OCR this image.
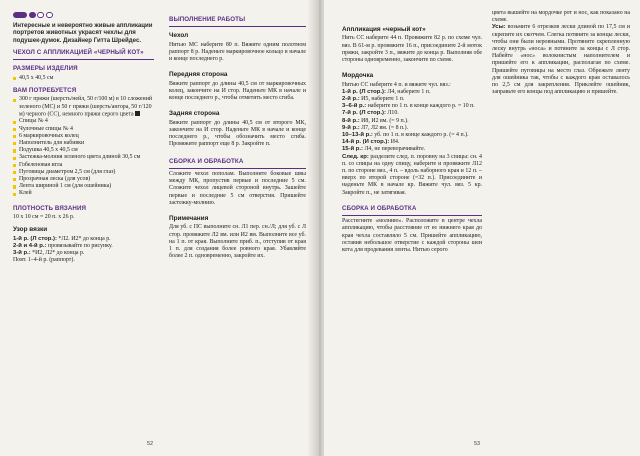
Интересные и невероятно живые аппликации портретов животных украсят чехлы для подушек-думок. Дизайнер Гитта Шрейдес.

ЧЕХОЛ С АППЛИКАЦИЕЙ «ЧЕРНЫЙ КОТ»
РАЗМЕРЫ ИЗДЕЛИЯ
40,5 х 40,5 см
ВАМ ПОТРЕБУЕТСЯ
300 г пряжи (шерсть/нейл, 50 г/100 м) в 10 сложений зеленого (МС) и 50 г пряжи (шерсть/ангора, 50 г/120 м) черного (СС), немного пряжи серого цвета
Спицы № 4
Чулочные спицы № 4
6 маркировочных колец
Наполнитель для набивки
Подушка 40,5 х 40,5 см
Застежка-молния зеленого цвета длиной 30,5 см
Гобеленовая игла
Пуговицы диаметром 2,5 см (для глаз)
Прозрачная леска (для усов)
Лента шириной 1 см (для ошейника)
Клей
ПЛОТНОСТЬ ВЯЗАНИЯ

10 х 10 см = 20 п. х 26 р.

Узор вязки

1-й р. (Л стор.): *Л2. И2* до конца р.

2-й и 4-й р.: провязывайте по рисунку.

3-й р.: *И2, Л2* до конца р.

Повт. 1–4-й р. (раппорт).

ВЫПОЛНЕНИЕ РАБОТЫ
Чехол

Нитью МС наберите 80 п. Вяжите одним полотном раппорт 8 р. Наденьте маркировочное кольцо в начале и конце последнего р.

Передняя сторона

Вяжите раппорт до длины 40,5 см от маркировочных колец, закончите на И стор. Наденьте МК в начале и конце последнего р., чтобы отметить место сгиба.

Задняя сторона

Вяжите раппорт до длины 40,5 см от второго МК, закончите на И стор. Наденьте МК в начале и конце последнего р., чтобы обозначить место сгиба. Провяжите раппорт еще 8 р. Закройте п.

СБОРКА И ОБРАБОТКА

Сложите чехол пополам. Выполните боковые швы между МК, пропустив первые и последние 5 см. Сложите чехол лицевой стороной внутрь. Зашейте первые и последние 5 см отверстия. Пришейте застежку-молнию.

Примечания

Для уб. с ПС выполните сн. Л1 пер. сн./Л; для уб. с Л стор. провяжите Л2 вм. или И2 вм. Выполните все уб. на 1 п. от края. Выполните приб. п., отступив от края 1 п. для создания более ровного края. Убавляйте более 2 п. одновременно, закройте их.

52
Аппликация «черный кот»

Нить СС наберите 44 п. Провяжите 82 р. по схеме чул. вяз. В 61-м р. провяжите 16 п., присоедините 2-й моток пряжи, закройте 3 п., вяжите до конца р. Выполняя обе стороны одновременно, закончите по схеме.

Мордочка

Нитью СС наберите 4 п. и вяжите чул. вяз.:

1-й р. (Л стор.): Л4, наберите 1 п.

2-й р.: И5, наберите 1 п.

3–6-й р.: наберите по 1 п. в конце каждого р. = 10 п.

7-й р. (Л стор.): Л10.

8-й р.: И8, И2 вм. (= 9 п.).

9-й р.: Л7, Л2 вм. (= 8 п.).

10–13-й р.: уб. по 1 п. в конце каждого р. (= 4 п.).

14-й р. (И стор.): И4.

15-й р.: Л4, не переворачивайте.

След. кр: разделите след. п. поровну на 3 спицы: сн. 4 п. со спицы на одну спицу, наберите и провяжите Л12 п. по стороне вяз., 4 п. – вдоль наборного края и 12 п. – вверх по второй стороне (=32 п.). Присоедините и наденьте МК в начале кр. Вяжите чул. вяз. 5 кр. Закройте п., не затягивая.

СБОРКА И ОБРАБОТКА

Расстегните «молнию». Расположите в центре чехла аппликацию, чтобы расстояние от ее нижнего края до края чехла составляло 5 см. Пришейте аппликацию, оставив небольшое отверстие с каждой стороны шеи кота для продевания ленты. Нитью серого

цвета вышейте на мордочке рот и нос, как показано на схеме.

Усы: возьмите 6 отрезков лески длиной по 17,5 см и скрепите их скотчем. Слегка потяните за концы лески, чтобы они были неровными. Протяните скрепленную леску внутрь «носа» и потяните за концы с Л стор. Набейте «нос» волокнистым наполнителем и пришейте его к аппликации, располагая по схеме. Пришейте пуговицы на место глаз. Обрежьте ленту для ошейника так, чтобы с каждого края оставалось по 2,5 см для закрепления. Приклейте ошейник, заправьте его концы под аппликацию и пришейте.

53
